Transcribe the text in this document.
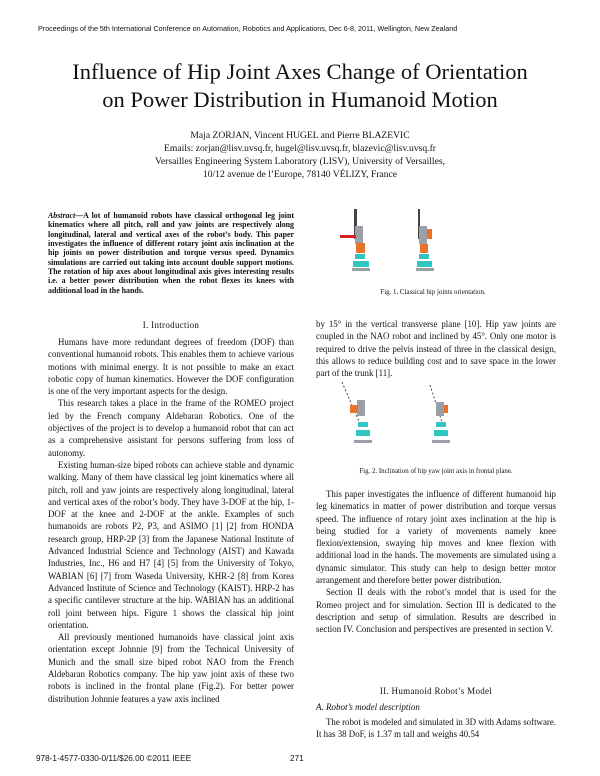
Proceedings of the 5th International Conference on Automation, Robotics and Applications, Dec 6-8, 2011, Wellington, New Zealand
Influence of Hip Joint Axes Change of Orientation
on Power Distribution in Humanoid Motion
Maja ZORJAN, Vincent HUGEL and Pierre BLAZEVIC
Emails: zorjan@lisv.uvsq.fr, hugel@lisv.uvsq.fr, blazevic@lisv.uvsq.fr
Versailles Engineering System Laboratory (LISV), University of Versailles,
10/12 avenue de l’Europe, 78140 VÉLIZY, France
Abstract—A lot of humanoid robots have classical orthogonal leg joint kinematics where all pitch, roll and yaw joints are respectively along longitudinal, lateral and vertical axes of the robot’s body. This paper investigates the influence of different rotary joint axis inclination at the hip joints on power distribution and torque versus speed. Dynamics simulations are carried out taking into account double support motions. The rotation of hip axes about longitudinal axis gives interesting results i.e. a better power distribution when the robot flexes its knees with additional load in the hands.	Fig. 1. Classical hip joints orientation.
I. Introduction

Humans have more redundant degrees of freedom (DOF) than conventional humanoid robots. This enables them to achieve various motions with minimal energy. It is not possible to make an exact robotic copy of human kinematics. However the DOF configuration is one of the very important aspects for the design.

This research takes a place in the frame of the ROMEO project led by the French company Aldebaran Robotics. One of the objectives of the project is to develop a humanoid robot that can act as a comprehensive assistant for persons suffering from loss of autonomy.

Existing human-size biped robots can achieve stable and dynamic walking. Many of them have classical leg joint kinematics where all pitch, roll and yaw joints are respectively along longitudinal, lateral and vertical axes of the robot’s body. They have 3-DOF at the hip, 1-DOF at the knee and 2-DOF at the ankle. Examples of such humanoids are robots P2, P3, and ASIMO [1] [2] from HONDA research group, HRP-2P [3] from the Japanese National Institute of Advanced Industrial Science and Technology (AIST) and Kawada Industries, Inc., H6 and H7 [4] [5] from the University of Tokyo, WABIAN [6] [7] from Waseda University, KHR-2 [8] from Korea Advanced Institute of Science and Technology (KAIST). HRP-2 has a specific cantilever structure at the hip. WABIAN has an additional roll joint between hips. Figure 1 shows the classical hip joint orientation.

All previously mentioned humanoids have classical joint axis orientation except Johnnie [9] from the Technical University of Munich and the small size biped robot NAO from the French Aldebaran Robotics company. The hip yaw joint axis of these two robots is inclined in the frontal plane (Fig.2). For better power distribution Johnnie features a yaw axis inclined

by 15° in the vertical transverse plane [10]. Hip yaw joints are coupled in the NAO robot and inclined by 45°. Only one motor is required to drive the pelvis instead of three in the classical design, this allows to reduce building cost and to save space in the lower part of the trunk [11].

Fig. 2. Inclination of hip yaw joint axis in frontal plane.

This paper investigates the influence of different humanoid hip leg kinematics in matter of power distribution and torque versus speed. The influence of rotary joint axes inclination at the hip is being studied for a variety of movements namely knee flexion/extension, swaying hip moves and knee flexion with additional load in the hands. The movements are simulated using a dynamic simulator. This study can help to design better motor arrangement and therefore better power distribution.

Section II deals with the robot’s model that is used for the Romeo project and for simulation. Section III is dedicated to the description and setup of simulation. Results are described in section IV. Conclusion and perspectives are presented in section V.

II. Humanoid Robot’s Model
A. Robot’s model description

The robot is modeled and simulated in 3D with Adams software. It has 38 DoF, is 1.37 m tall and weighs 40.54

978-1-4577-0330-0/11/$26.00 ©2011 IEEE	271
